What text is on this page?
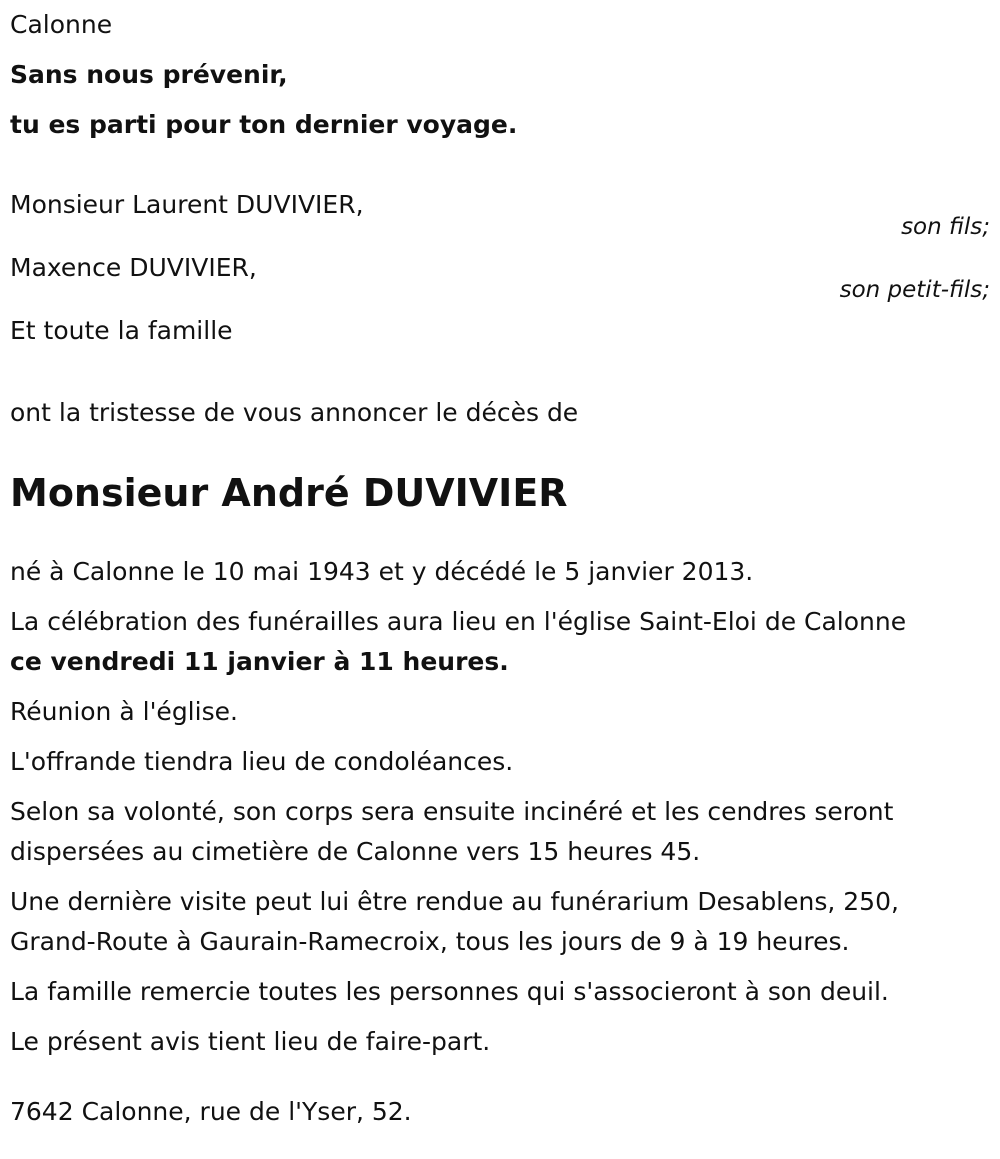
Calonne

Sans nous prévenir,

tu es parti pour ton dernier voyage.

Monsieur Laurent DUVIVIER,
son fils;
Maxence DUVIVIER,
son petit-fils;
Et toute la famille

ont la tristesse de vous annoncer le décès de

Monsieur André DUVIVIER

né à Calonne le 10 mai 1943 et y décédé le 5 janvier 2013.

La célébration des funérailles aura lieu en l'église Saint-Eloi de Calonne
ce vendredi 11 janvier à 11 heures.

Réunion à l'église.

L'offrande tiendra lieu de condoléances.

Selon sa volonté, son corps sera ensuite inciné́ré et les cendres seront
dispersées au cimetière de Calonne vers 15 heures 45.
Une dernière visite peut lui être rendue au funérarium Desablens, 250,
Grand-Route à Gaurain-Ramecroix, tous les jours de 9 à 19 heures.

La famille remercie toutes les personnes qui s'associeront à son deuil.

Le présent avis tient lieu de faire-part.

7642 Calonne, rue de l'Yser, 52.
